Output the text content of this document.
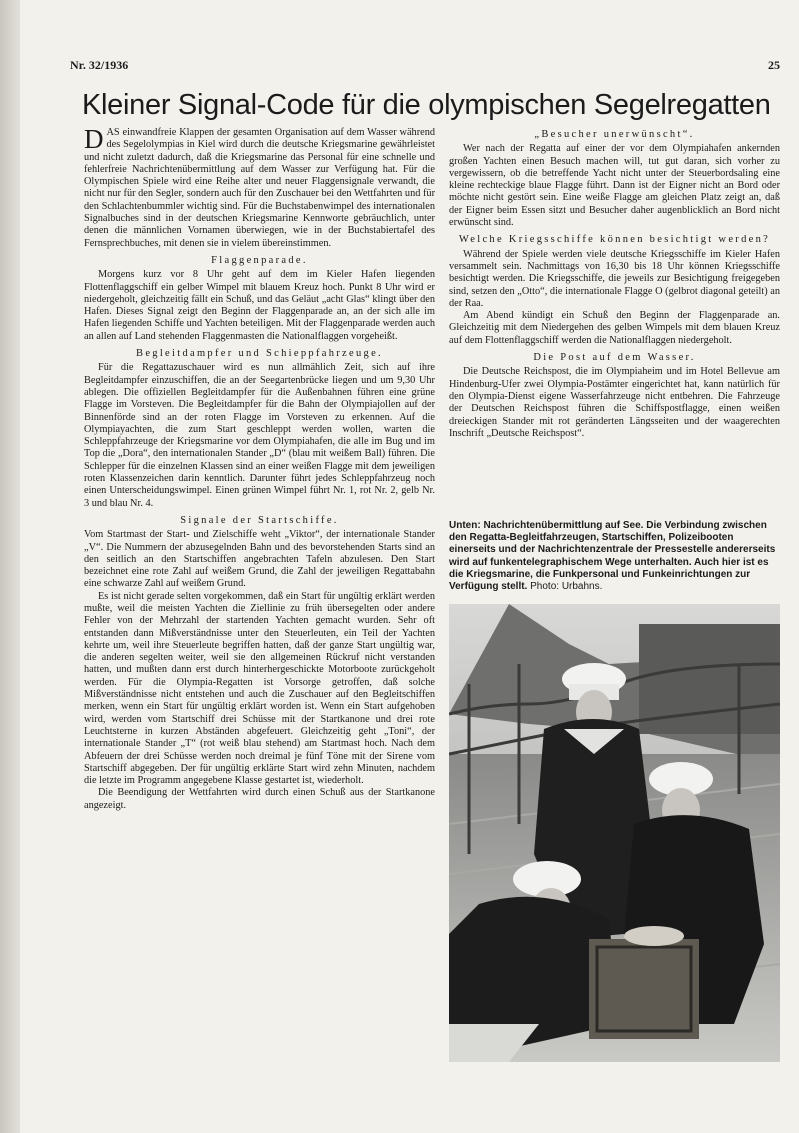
Nr. 32/1936	25
Kleiner Signal-Code für die olympischen Segelregatten

DAS einwandfreie Klappen der gesamten Organisation auf dem Wasser während des Segelolympias in Kiel wird durch die deutsche Kriegsmarine gewährleistet und nicht zuletzt dadurch, daß die Kriegsmarine das Personal für eine schnelle und fehlerfreie Nachrichtenübermittlung auf dem Wasser zur Verfügung hat. Für die Olympischen Spiele wird eine Reihe alter und neuer Flaggensignale verwandt, die nicht nur für den Segler, sondern auch für den Zuschauer bei den Wettfahrten und für den Schlachtenbummler wichtig sind. Für die Buchstabenwimpel des internationalen Signalbuches sind in der deutschen Kriegsmarine Kennworte gebräuchlich, unter denen die männlichen Vornamen überwiegen, wie in der Buchstabiertafel des Fernsprechbuches, mit denen sie in vielem übereinstimmen.

Flaggenparade.

Morgens kurz vor 8 Uhr geht auf dem im Kieler Hafen liegenden Flottenflaggschiff ein gelber Wimpel mit blauem Kreuz hoch. Punkt 8 Uhr wird er niedergeholt, gleichzeitig fällt ein Schuß, und das Geläut „acht Glas“ klingt über den Hafen. Dieses Signal zeigt den Beginn der Flaggenparade an, an der sich alle im Hafen liegenden Schiffe und Yachten beteiligen. Mit der Flaggenparade werden auch an allen auf Land stehenden Flaggenmasten die Nationalflaggen vorgeheißt.

Begleitdampfer und Schieppfahrzeuge.

Für die Regattazuschauer wird es nun allmählich Zeit, sich auf ihre Begleitdampfer einzuschiffen, die an der Seegartenbrücke liegen und um 9,30 Uhr ablegen. Die offiziellen Begleitdampfer für die Außenbahnen führen eine grüne Flagge im Vorsteven. Die Begleitdampfer für die Bahn der Olympiajollen auf der Binnenförde sind an der roten Flagge im Vorsteven zu erkennen. Auf die Olympiayachten, die zum Start geschleppt werden wollen, warten die Schleppfahrzeuge der Kriegsmarine vor dem Olympiahafen, die alle im Bug und im Top die „Dora“, den internationalen Stander „D“ (blau mit weißem Ball) führen. Die Schlepper für die einzelnen Klassen sind an einer weißen Flagge mit dem jeweiligen roten Klassenzeichen darin kenntlich. Darunter führt jedes Schleppfahrzeug noch einen Unterscheidungswimpel. Einen grünen Wimpel führt Nr. 1, rot Nr. 2, gelb Nr. 3 und blau Nr. 4.

Signale der Startschiffe.

Vom Startmast der Start- und Zielschiffe weht „Viktor“, der internationale Stander „V“. Die Nummern der abzusegelnden Bahn und des bevorstehenden Starts sind an den seitlich an den Startschiffen angebrachten Tafeln abzulesen. Den Start bezeichnet eine rote Zahl auf weißem Grund, die Zahl der jeweiligen Regattabahn eine schwarze Zahl auf weißem Grund.

Es ist nicht gerade selten vorgekommen, daß ein Start für ungültig erklärt werden mußte, weil die meisten Yachten die Ziellinie zu früh übersegelten oder andere Fehler von der Mehrzahl der startenden Yachten gemacht wurden. Sehr oft entstanden dann Mißverständnisse unter den Steuerleuten, ein Teil der Yachten kehrte um, weil ihre Steuerleute begriffen hatten, daß der ganze Start ungültig war, die anderen segelten weiter, weil sie den allgemeinen Rückruf nicht verstanden hatten, und mußten dann erst durch hinterhergeschickte Motorboote zurückgeholt werden. Für die Olympia-Regatten ist Vorsorge getroffen, daß solche Mißverständnisse nicht entstehen und auch die Zuschauer auf den Begleitschiffen merken, wenn ein Start für ungültig erklärt worden ist. Wenn ein Start aufgehoben wird, werden vom Startschiff drei Schüsse mit der Startkanone und drei rote Leuchtsterne in kurzen Abständen abgefeuert. Gleichzeitig geht „Toni“, der internationale Stander „T“ (rot weiß blau stehend) am Startmast hoch. Nach dem Abfeuern der drei Schüsse werden noch dreimal je fünf Töne mit der Sirene vom Startschiff abgegeben. Der für ungültig erklärte Start wird zehn Minuten, nachdem die letzte im Programm angegebene Klasse gestartet ist, wiederholt.

Die Beendigung der Wettfahrten wird durch einen Schuß aus der Startkanone angezeigt.

„Besucher unerwünscht“.

Wer nach der Regatta auf einer der vor dem Olympiahafen ankernden großen Yachten einen Besuch machen will, tut gut daran, sich vorher zu vergewissern, ob die betreffende Yacht nicht unter der Steuerbordsaling eine kleine rechteckige blaue Flagge führt. Dann ist der Eigner nicht an Bord oder möchte nicht gestört sein. Eine weiße Flagge am gleichen Platz zeigt an, daß der Eigner beim Essen sitzt und Besucher daher augenblicklich an Bord nicht erwünscht sind.

Welche Kriegsschiffe können besichtigt werden?

Während der Spiele werden viele deutsche Kriegsschiffe im Kieler Hafen versammelt sein. Nachmittags von 16,30 bis 18 Uhr können Kriegsschiffe besichtigt werden. Die Kriegsschiffe, die jeweils zur Besichtigung freigegeben sind, setzen den „Otto“, die internationale Flagge O (gelbrot diagonal geteilt) an der Raa.

Am Abend kündigt ein Schuß den Beginn der Flaggenparade an. Gleichzeitig mit dem Niedergehen des gelben Wimpels mit dem blauen Kreuz auf dem Flottenflaggschiff werden die Nationalflaggen niedergeholt.

Die Post auf dem Wasser.

Die Deutsche Reichspost, die im Olympiaheim und im Hotel Bellevue am Hindenburg-Ufer zwei Olympia-Postämter eingerichtet hat, kann natürlich für den Olympia-Dienst eigene Wasserfahrzeuge nicht entbehren. Die Fahrzeuge der Deutschen Reichspost führen die Schiffspostflagge, einen weißen dreieckigen Stander mit rot geränderten Längsseiten und der waagerechten Inschrift „Deutsche Reichspost“.

Unten: Nachrichtenübermittlung auf See. Die Verbindung zwischen den Regatta-Begleitfahrzeugen, Startschiffen, Polizeibooten einerseits und der Nachrichtenzentrale der Pressestelle andererseits wird auf funkentelegraphischem Wege unterhalten. Auch hier ist es die Kriegsmarine, die Funkpersonal und Funkeinrichtungen zur Verfügung stellt. Photo: Urbahns.
